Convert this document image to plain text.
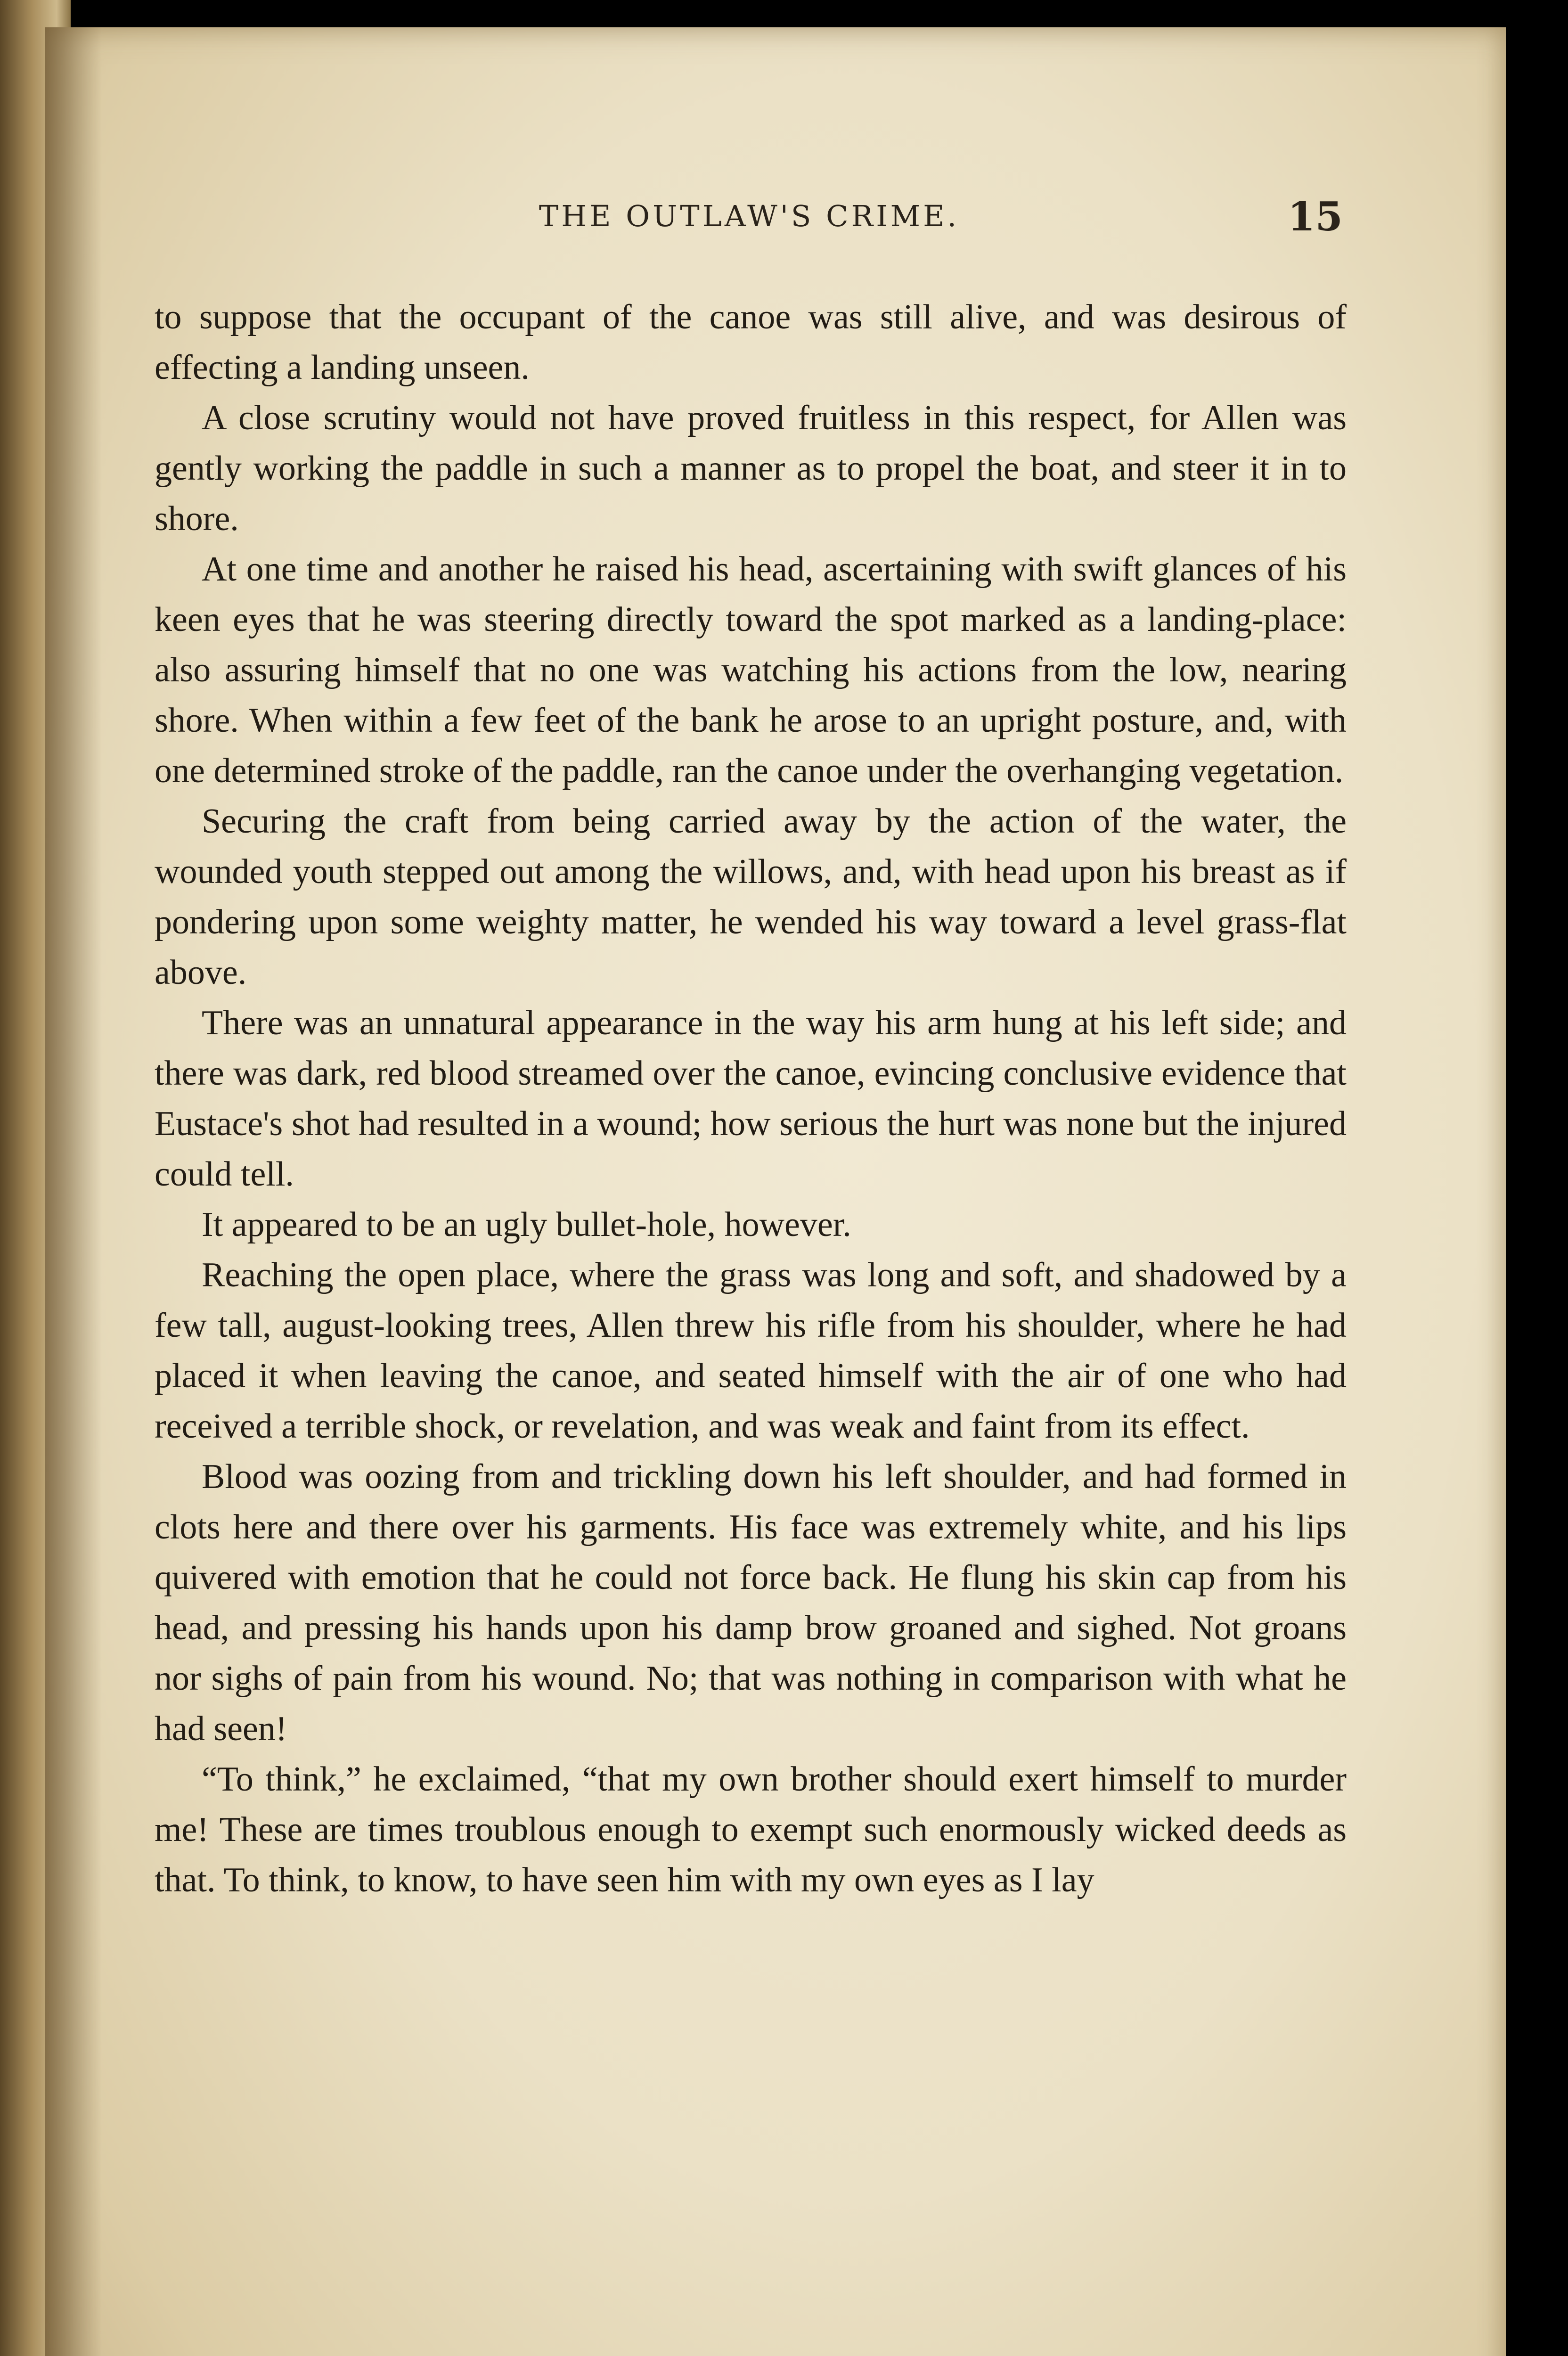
THE OUTLAW'S CRIME.	15

to suppose that the occupant of the canoe was still alive, and was desirous of effecting a landing unseen.

A close scrutiny would not have proved fruitless in this respect, for Allen was gently working the paddle in such a manner as to propel the boat, and steer it in to shore.

At one time and another he raised his head, ascertaining with swift glances of his keen eyes that he was steering directly toward the spot marked as a landing-place: also assuring himself that no one was watching his actions from the low, nearing shore. When within a few feet of the bank he arose to an upright posture, and, with one determined stroke of the paddle, ran the canoe under the overhanging vegetation.

Securing the craft from being carried away by the action of the water, the wounded youth stepped out among the willows, and, with head upon his breast as if pondering upon some weighty matter, he wended his way toward a level grass-flat above.

There was an unnatural appearance in the way his arm hung at his left side; and there was dark, red blood streamed over the canoe, evincing conclusive evidence that Eustace's shot had resulted in a wound; how serious the hurt was none but the injured could tell.

It appeared to be an ugly bullet-hole, however.

Reaching the open place, where the grass was long and soft, and shadowed by a few tall, august-looking trees, Allen threw his rifle from his shoulder, where he had placed it when leaving the canoe, and seated himself with the air of one who had received a terrible shock, or revelation, and was weak and faint from its effect.

Blood was oozing from and trickling down his left shoulder, and had formed in clots here and there over his garments. His face was extremely white, and his lips quivered with emotion that he could not force back. He flung his skin cap from his head, and pressing his hands upon his damp brow groaned and sighed. Not groans nor sighs of pain from his wound. No; that was nothing in comparison with what he had seen!

“To think,” he exclaimed, “that my own brother should exert himself to murder me! These are times troublous enough to exempt such enormously wicked deeds as that. To think, to know, to have seen him with my own eyes as I lay
